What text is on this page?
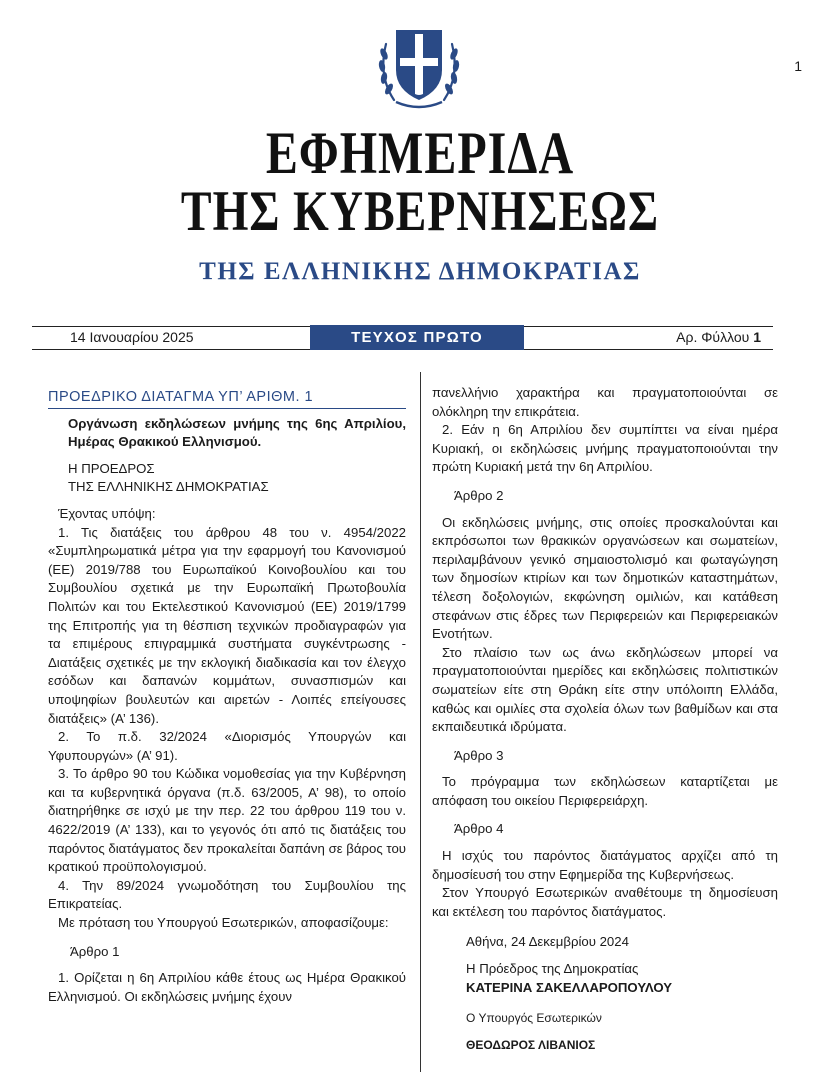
1
ΕΦΗΜΕΡΙΔΑ
ΤΗΣ ΚΥΒΕΡΝΗΣΕΩΣ
ΤΗΣ ΕΛΛΗΝΙΚΗΣ ΔΗΜΟΚΡΑΤΙΑΣ
14 Ιανουαρίου 2025	ΤΕΥΧΟΣ ΠΡΩΤΟ	Αρ. Φύλλου 1

ΠΡΟΕΔΡΙΚΟ ΔΙΑΤΑΓΜΑ ΥΠ’ ΑΡΙΘΜ. 1

Οργάνωση εκδηλώσεων μνήμης της 6ης Απριλίου, Ημέρας Θρακικού Ελληνισμού.

Η ΠΡΟΕΔΡΟΣ
ΤΗΣ ΕΛΛΗΝΙΚΗΣ ΔΗΜΟΚΡΑΤΙΑΣ

Έχοντας υπόψη:

1. Τις διατάξεις του άρθρου 48 του ν. 4954/2022 «Συμπληρωματικά μέτρα για την εφαρμογή του Κανονισμού (ΕΕ) 2019/788 του Ευρωπαϊκού Κοινοβουλίου και του Συμβουλίου σχετικά με την Ευρωπαϊκή Πρωτοβουλία Πολιτών και του Εκτελεστικού Κανονισμού (ΕΕ) 2019/1799 της Επιτροπής για τη θέσπιση τεχνικών προδιαγραφών για τα επιμέρους επιγραμμικά συστήματα συγκέντρωσης - Διατάξεις σχετικές με την εκλογική διαδικασία και τον έλεγχο εσόδων και δαπανών κομμάτων, συνασπισμών και υποψηφίων βουλευτών και αιρετών - Λοιπές επείγουσες διατάξεις» (Α’ 136).

2. Το π.δ. 32/2024 «Διορισμός Υπουργών και Υφυπουργών» (Α’ 91).

3. Το άρθρο 90 του Κώδικα νομοθεσίας για την Κυβέρνηση και τα κυβερνητικά όργανα (π.δ. 63/2005, Α’ 98), το οποίο διατηρήθηκε σε ισχύ με την περ. 22 του άρθρου 119 του ν. 4622/2019 (Α’ 133), και το γεγονός ότι από τις διατάξεις του παρόντος διατάγματος δεν προκαλείται δαπάνη σε βάρος του κρατικού προϋπολογισμού.

4. Την 89/2024 γνωμοδότηση του Συμβουλίου της Επικρατείας.

Με πρόταση του Υπουργού Εσωτερικών, αποφασίζουμε:

Άρθρο 1

1. Ορίζεται η 6η Απριλίου κάθε έτους ως Ημέρα Θρακικού Ελληνισμού. Οι εκδηλώσεις μνήμης έχουν

πανελλήνιο χαρακτήρα και πραγματοποιούνται σε ολόκληρη την επικράτεια.

2. Εάν η 6η Απριλίου δεν συμπίπτει να είναι ημέρα Κυριακή, οι εκδηλώσεις μνήμης πραγματοποιούνται την πρώτη Κυριακή μετά την 6η Απριλίου.

Άρθρο 2

Οι εκδηλώσεις μνήμης, στις οποίες προσκαλούνται και εκπρόσωποι των θρακικών οργανώσεων και σωματείων, περιλαμβάνουν γενικό σημαιοστολισμό και φωταγώγηση των δημοσίων κτιρίων και των δημοτικών καταστημάτων, τέλεση δοξολογιών, εκφώνηση ομιλιών, και κατάθεση στεφάνων στις έδρες των Περιφερειών και Περιφερειακών Ενοτήτων.

Στο πλαίσιο των ως άνω εκδηλώσεων μπορεί να πραγματοποιούνται ημερίδες και εκδηλώσεις πολιτιστικών σωματείων είτε στη Θράκη είτε στην υπόλοιπη Ελλάδα, καθώς και ομιλίες στα σχολεία όλων των βαθμίδων και στα εκπαιδευτικά ιδρύματα.

Άρθρο 3

Το πρόγραμμα των εκδηλώσεων καταρτίζεται με απόφαση του οικείου Περιφερειάρχη.

Άρθρο 4

Η ισχύς του παρόντος διατάγματος αρχίζει από τη δημοσίευσή του στην Εφημερίδα της Κυβερνήσεως.

Στον Υπουργό Εσωτερικών αναθέτουμε τη δημοσίευση και εκτέλεση του παρόντος διατάγματος.

Αθήνα, 24 Δεκεμβρίου 2024

Η Πρόεδρος της Δημοκρατίας

ΚΑΤΕΡΙΝΑ ΣΑΚΕΛΛΑΡΟΠΟΥΛΟΥ

Ο Υπουργός Εσωτερικών

ΘΕΟΔΩΡΟΣ ΛΙΒΑΝΙΟΣ
